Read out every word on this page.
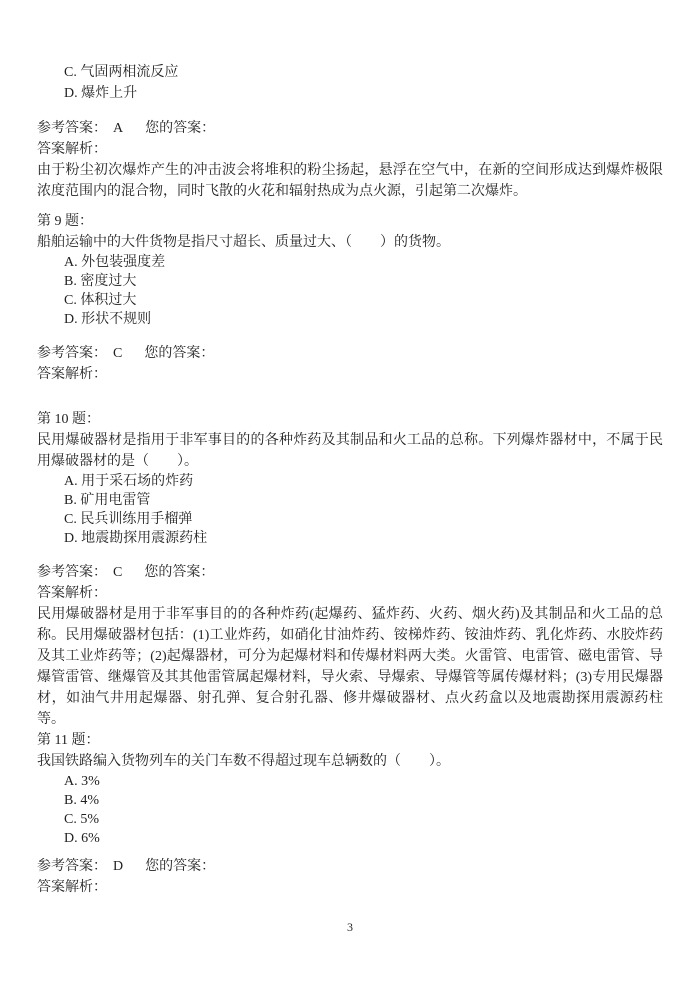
C. 气固两相流反应
D. 爆炸上升
参考答案： A 您的答案：
答案解析：
由于粉尘初次爆炸产生的冲击波会将堆积的粉尘扬起，悬浮在空气中，在新的空间形成达到爆炸极限浓度范围内的混合物，同时飞散的火花和辐射热成为点火源，引起第二次爆炸。
第 9 题：
船舶运输中的大件货物是指尺寸超长、质量过大、（　　）的货物。
A. 外包装强度差
B. 密度过大
C. 体积过大
D. 形状不规则
参考答案： C 您的答案：
答案解析：
第 10 题：
民用爆破器材是指用于非军事目的的各种炸药及其制品和火工品的总称。下列爆炸器材中，不属于民用爆破器材的是（　　）。
A. 用于采石场的炸药
B. 矿用电雷管
C. 民兵训练用手榴弹
D. 地震勘探用震源药柱
参考答案： C 您的答案：
答案解析：
民用爆破器材是用于非军事目的的各种炸药(起爆药、猛炸药、火药、烟火药)及其制品和火工品的总称。民用爆破器材包括：(1)工业炸药，如硝化甘油炸药、铵梯炸药、铵油炸药、乳化炸药、水胶炸药及其工业炸药等；(2)起爆器材，可分为起爆材料和传爆材料两大类。火雷管、电雷管、磁电雷管、导爆管雷管、继爆管及其其他雷管属起爆材料，导火索、导爆索、导爆管等属传爆材料；(3)专用民爆器材，如油气井用起爆器、射孔弹、复合射孔器、修井爆破器材、点火药盒以及地震勘探用震源药柱等。
第 11 题：
我国铁路编入货物列车的关门车数不得超过现车总辆数的（　　）。
A. 3%
B. 4%
C. 5%
D. 6%
参考答案： D 您的答案：
答案解析：
3
